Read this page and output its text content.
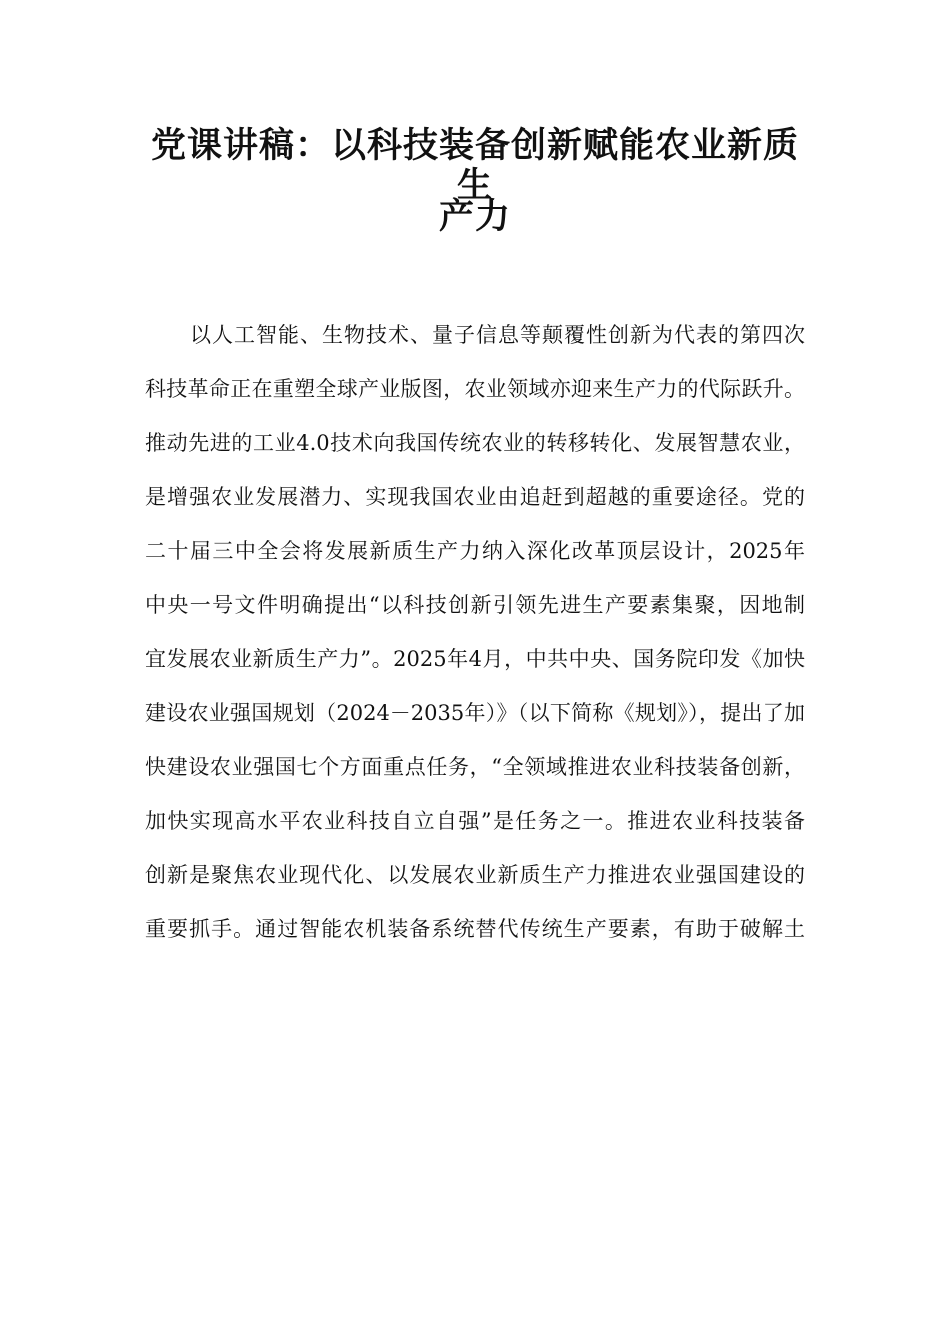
党课讲稿：以科技装备创新赋能农业新质生
产力
以人工智能、生物技术、量子信息等颠覆性创新为代表的第四次
科技革命正在重塑全球产业版图，农业领域亦迎来生产力的代际跃升。
推动先进的工业4.0技术向我国传统农业的转移转化、发展智慧农业，
是增强农业发展潜力、实现我国农业由追赶到超越的重要途径。党的
二十届三中全会将发展新质生产力纳入深化改革顶层设计，2025年
中央一号文件明确提出“以科技创新引领先进生产要素集聚，因地制
宜发展农业新质生产力”。2025年4月，中共中央、国务院印发《加快
建设农业强国规划（2024－2035年）》（以下简称《规划》），提出了加
快建设农业强国七个方面重点任务，“全领域推进农业科技装备创新，
加快实现高水平农业科技自立自强”是任务之一。推进农业科技装备
创新是聚焦农业现代化、以发展农业新质生产力推进农业强国建设的
重要抓手。通过智能农机装备系统替代传统生产要素，有助于破解土
